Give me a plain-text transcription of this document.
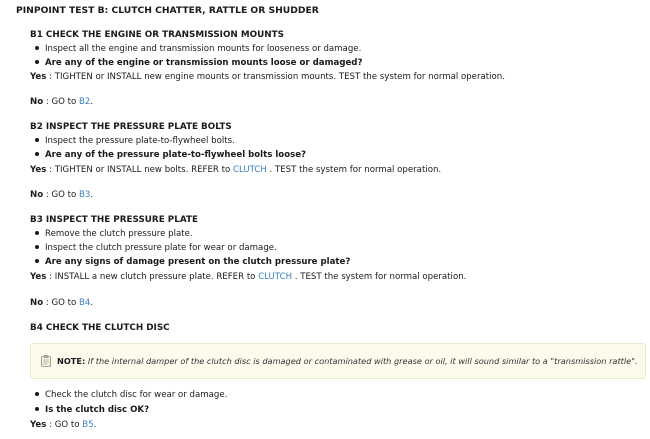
PINPOINT TEST B: CLUTCH CHATTER, RATTLE OR SHUDDER
B1 CHECK THE ENGINE OR TRANSMISSION MOUNTS
Inspect all the engine and transmission mounts for looseness or damage.
Are any of the engine or transmission mounts loose or damaged?
Yes : TIGHTEN or INSTALL new engine mounts or transmission mounts. TEST the system for normal operation.
No : GO to B2.
B2 INSPECT THE PRESSURE PLATE BOLTS
Inspect the pressure plate-to-flywheel bolts.
Are any of the pressure plate-to-flywheel bolts loose?
Yes : TIGHTEN or INSTALL new bolts. REFER to CLUTCH . TEST the system for normal operation.
No : GO to B3.
B3 INSPECT THE PRESSURE PLATE
Remove the clutch pressure plate.
Inspect the clutch pressure plate for wear or damage.
Are any signs of damage present on the clutch pressure plate?
Yes : INSTALL a new clutch pressure plate. REFER to CLUTCH . TEST the system for normal operation.
No : GO to B4.
B4 CHECK THE CLUTCH DISC
NOTE: If the internal damper of the clutch disc is damaged or contaminated with grease or oil, it will sound similar to a "transmission rattle".
Check the clutch disc for wear or damage.
Is the clutch disc OK?
Yes : GO to B5.
